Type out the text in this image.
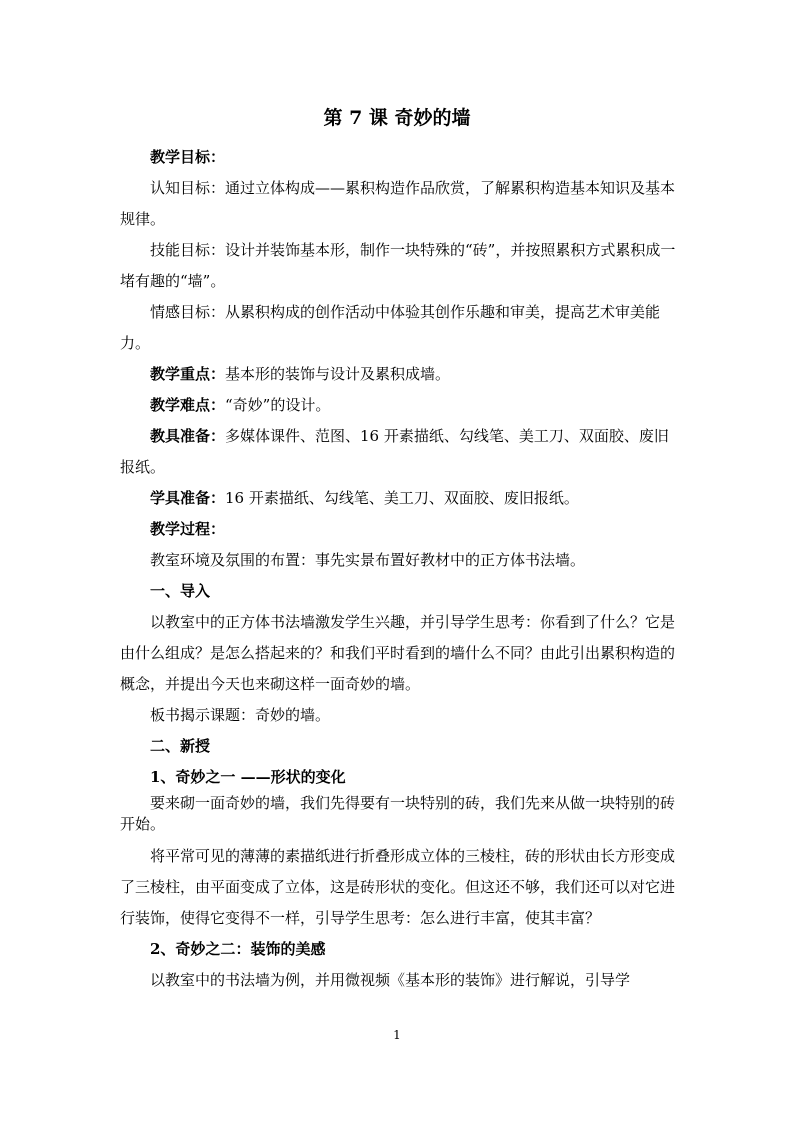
第 7 课 奇妙的墙

教学目标：

认知目标：通过立体构成——累积构造作品欣赏，了解累积构造基本知识及基本规律。

技能目标：设计并装饰基本形，制作一块特殊的“砖”，并按照累积方式累积成一堵有趣的“墙”。

情感目标：从累积构成的创作活动中体验其创作乐趣和审美，提高艺术审美能力。

教学重点：基本形的装饰与设计及累积成墙。

教学难点：“奇妙”的设计。

教具准备：多媒体课件、范图、16 开素描纸、勾线笔、美工刀、双面胶、废旧报纸。

学具准备：16 开素描纸、勾线笔、美工刀、双面胶、废旧报纸。

教学过程：

教室环境及氛围的布置：事先实景布置好教材中的正方体书法墙。

一、导入

以教室中的正方体书法墙激发学生兴趣，并引导学生思考：你看到了什么？它是由什么组成？是怎么搭起来的？和我们平时看到的墙什么不同？由此引出累积构造的概念，并提出今天也来砌这样一面奇妙的墙。

板书揭示课题：奇妙的墙。

二、新授

1、奇妙之一 ——形状的变化

要来砌一面奇妙的墙，我们先得要有一块特别的砖，我们先来从做一块特别的砖开始。

将平常可见的薄薄的素描纸进行折叠形成立体的三棱柱，砖的形状由长方形变成了三棱柱，由平面变成了立体，这是砖形状的变化。但这还不够，我们还可以对它进行装饰，使得它变得不一样，引导学生思考：怎么进行丰富，使其丰富？

2、奇妙之二：装饰的美感

以教室中的书法墙为例，并用微视频《基本形的装饰》进行解说，引导学

1
